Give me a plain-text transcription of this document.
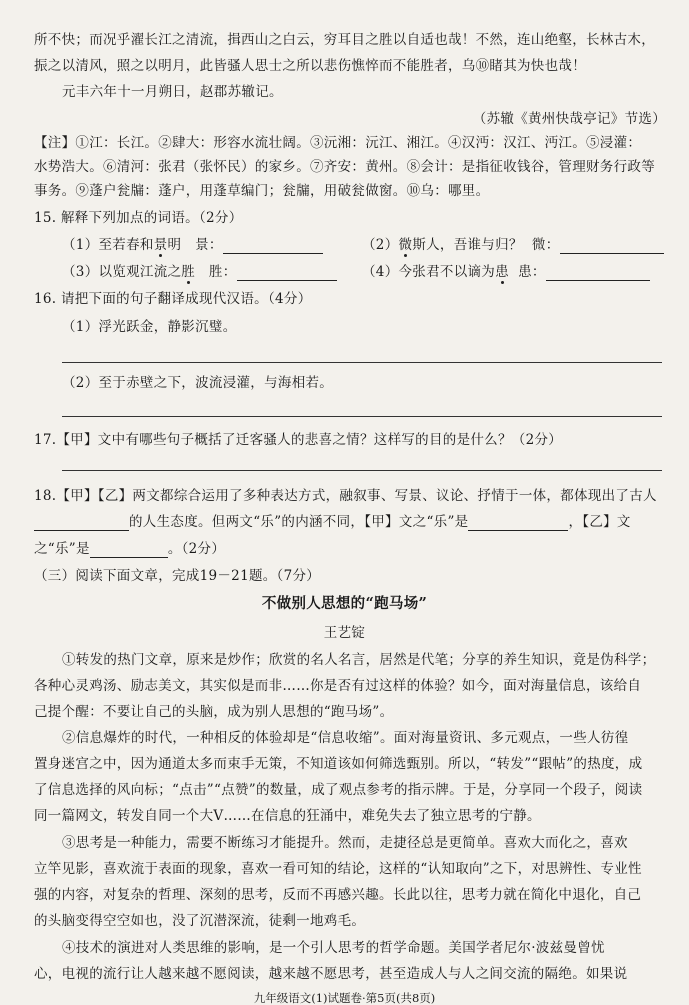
所不快；而况乎濯长江之清流，揖西山之白云，穷耳目之胜以自适也哉！不然，连山绝壑，长林古木，
振之以清风，照之以明月，此皆骚人思士之所以悲伤憔悴而不能胜者，乌⑩睹其为快也哉！
元丰六年十一月朔日，赵郡苏辙记。
（苏辙《黄州快哉亭记》节选）
【注】①江：长江。②肆大：形容水流壮阔。③沅湘：沅江、湘江。④汉沔：汉江、沔江。⑤浸灌：
水势浩大。⑥清河：张君（张怀民）的家乡。⑦齐安：黄州。⑧会计：是指征收钱谷，管理财务行政等
事务。⑨蓬户瓮牖：蓬户，用蓬草编门；瓮牖，用破瓮做窗。⑩乌：哪里。
15. 解释下列加点的词语。（2分）
（1）至若春和景明 景：	（2）微斯人，吾谁与归？ 微：
（3）以览观江流之胜 胜：	（4）今张君不以谪为患 患：
16. 请把下面的句子翻译成现代汉语。（4分）
（1）浮光跃金，静影沉璧。
（2）至于赤壁之下，波流浸灌，与海相若。
17.【甲】文中有哪些句子概括了迁客骚人的悲喜之情？这样写的目的是什么？（2分）
18.【甲】【乙】两文都综合运用了多种表达方式，融叙事、写景、议论、抒情于一体，都体现出了古人
的人生态度。但两文“乐”的内涵不同，【甲】文之“乐”是	，【乙】文
之“乐”是	。（2分）
（三）阅读下面文章，完成19－21题。（7分）
不做别人思想的“跑马场”
王艺锭
①转发的热门文章，原来是炒作；欣赏的名人名言，居然是代笔；分享的养生知识，竟是伪科学；
各种心灵鸡汤、励志美文，其实似是而非……你是否有过这样的体验？如今，面对海量信息，该给自
己提个醒：不要让自己的头脑，成为别人思想的“跑马场”。
②信息爆炸的时代，一种相反的体验却是“信息收缩”。面对海量资讯、多元观点，一些人彷徨
置身迷宫之中，因为通道太多而束手无策，不知道该如何筛选甄别。所以，“转发”“跟帖”的热度，成
了信息选择的风向标；“点击”“点赞”的数量，成了观点参考的指示牌。于是，分享同一个段子，阅读
同一篇网文，转发自同一个大V……在信息的狂涌中，难免失去了独立思考的宁静。
③思考是一种能力，需要不断练习才能提升。然而，走捷径总是更简单。喜欢大而化之，喜欢
立竿见影，喜欢流于表面的现象，喜欢一看可知的结论，这样的“认知取向”之下，对思辨性、专业性
强的内容，对复杂的哲理、深刻的思考，反而不再感兴趣。长此以往，思考力就在简化中退化，自己
的头脑变得空空如也，没了沉潜深流，徒剩一地鸡毛。
④技术的演进对人类思维的影响，是一个引人思考的哲学命题。美国学者尼尔·波兹曼曾忧
心，电视的流行让人越来越不愿阅读，越来越不愿思考，甚至造成人与人之间交流的隔绝。如果说
九年级语文(1)试题卷·第5页(共8页)
